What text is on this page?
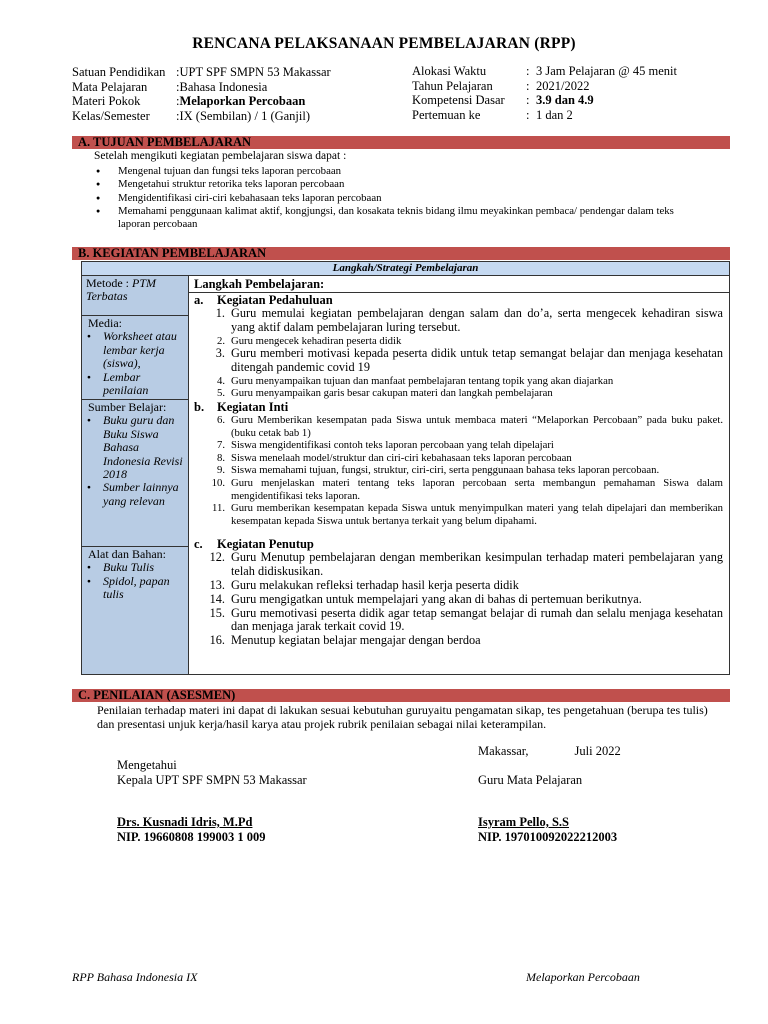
RENCANA PELAKSANAAN PEMBELAJARAN (RPP)
Satuan Pendidikan : UPT SPF SMPN 53 Makassar
Mata Pelajaran	: Bahasa Indonesia
Materi Pokok	: Melaporkan Percobaan
Kelas/Semester	: IX (Sembilan) / 1 (Ganjil)
Alokasi Waktu	: 3 Jam Pelajaran @ 45 menit
Tahun Pelajaran	: 2021/2022
Kompetensi Dasar	: 3.9 dan 4.9
Pertemuan ke	: 1 dan 2
A. TUJUAN PEMBELAJARAN
Setelah mengikuti kegiatan pembelajaran siswa dapat :
● Mengenal tujuan dan fungsi teks laporan percobaan
● Mengetahui struktur retorika teks laporan percobaan
● Mengidentifikasi ciri-ciri kebahasaan teks laporan percobaan
● Memahami penggunaan kalimat aktif, kongjungsi, dan kosakata teknis bidang ilmu meyakinkan pembaca/ pendengar dalam teks laporan percobaan
B. KEGIATAN PEMBELAJARAN
Langkah/Strategi Pembelajaran
Metode : PTM Terbatas
Media:
● Worksheet atau lembar kerja (siswa),
● Lembar penilaian
Sumber Belajar:
● Buku guru dan Buku Siswa Bahasa Indonesia Revisi 2018
● Sumber lainnya yang relevan
Alat dan Bahan:
● Buku Tulis
● Spidol, papan tulis
Langkah Pembelajaran:
a.	Kegiatan Pedahuluan
1. Guru memulai kegiatan pembelajaran dengan salam dan do’a, serta mengecek kehadiran siswa yang aktif dalam pembelajaran luring tersebut.
2. Guru mengecek kehadiran peserta didik
3. Guru memberi motivasi kepada peserta didik untuk tetap semangat belajar dan menjaga kesehatan ditengah pandemic covid 19
4. Guru menyampaikan tujuan dan manfaat pembelajaran tentang topik yang akan diajarkan
5. Guru menyampaikan garis besar cakupan materi dan langkah pembelajaran
b.	Kegiatan Inti
6. Guru Memberikan kesempatan pada Siswa untuk membaca materi “Melaporkan Percobaan” pada buku paket. (buku cetak bab 1)
7. Siswa mengidentifikasi contoh teks laporan percobaan yang telah dipelajari
8. Siswa menelaah model/struktur dan ciri-ciri kebahasaan teks laporan percobaan
9. Siswa memahami tujuan, fungsi, struktur, ciri-ciri, serta penggunaan bahasa teks laporan percobaan.
10. Guru menjelaskan materi tentang teks laporan percobaan serta membangun pemahaman Siswa dalam mengidentifikasi teks laporan.
11. Guru memberikan kesempatan kepada Siswa untuk menyimpulkan materi yang telah dipelajari dan memberikan kesempatan kepada Siswa untuk bertanya terkait yang belum dipahami.
c.	Kegiatan Penutup
12. Guru Menutup pembelajaran dengan memberikan kesimpulan terhadap materi pembelajaran yang telah didiskusikan.
13. Guru melakukan refleksi terhadap hasil kerja peserta didik
14. Guru mengigatkan untuk mempelajari yang akan di bahas di pertemuan berikutnya.
15. Guru memotivasi peserta didik agar tetap semangat belajar di rumah dan selalu menjaga kesehatan dan menjaga jarak terkait covid 19.
16. Menutup kegiatan belajar mengajar dengan berdoa
C. PENILAIAN (ASESMEN)
Penilaian terhadap materi ini dapat di lakukan sesuai kebutuhan guruyaitu pengamatan sikap, tes pengetahuan (berupa tes tulis) dan presentasi unjuk kerja/hasil karya atau projek rubrik penilaian sebagai nilai keterampilan.
Makassar,	Juli 2022
Mengetahui
Kepala UPT SPF SMPN 53 Makassar	Guru Mata Pelajaran
Drs. Kusnadi Idris, M.Pd
NIP. 19660808 199003 1 009
Isyram Pello, S.S
NIP. 197010092022212003
RPP Bahasa Indonesia IX	Melaporkan Percobaan
